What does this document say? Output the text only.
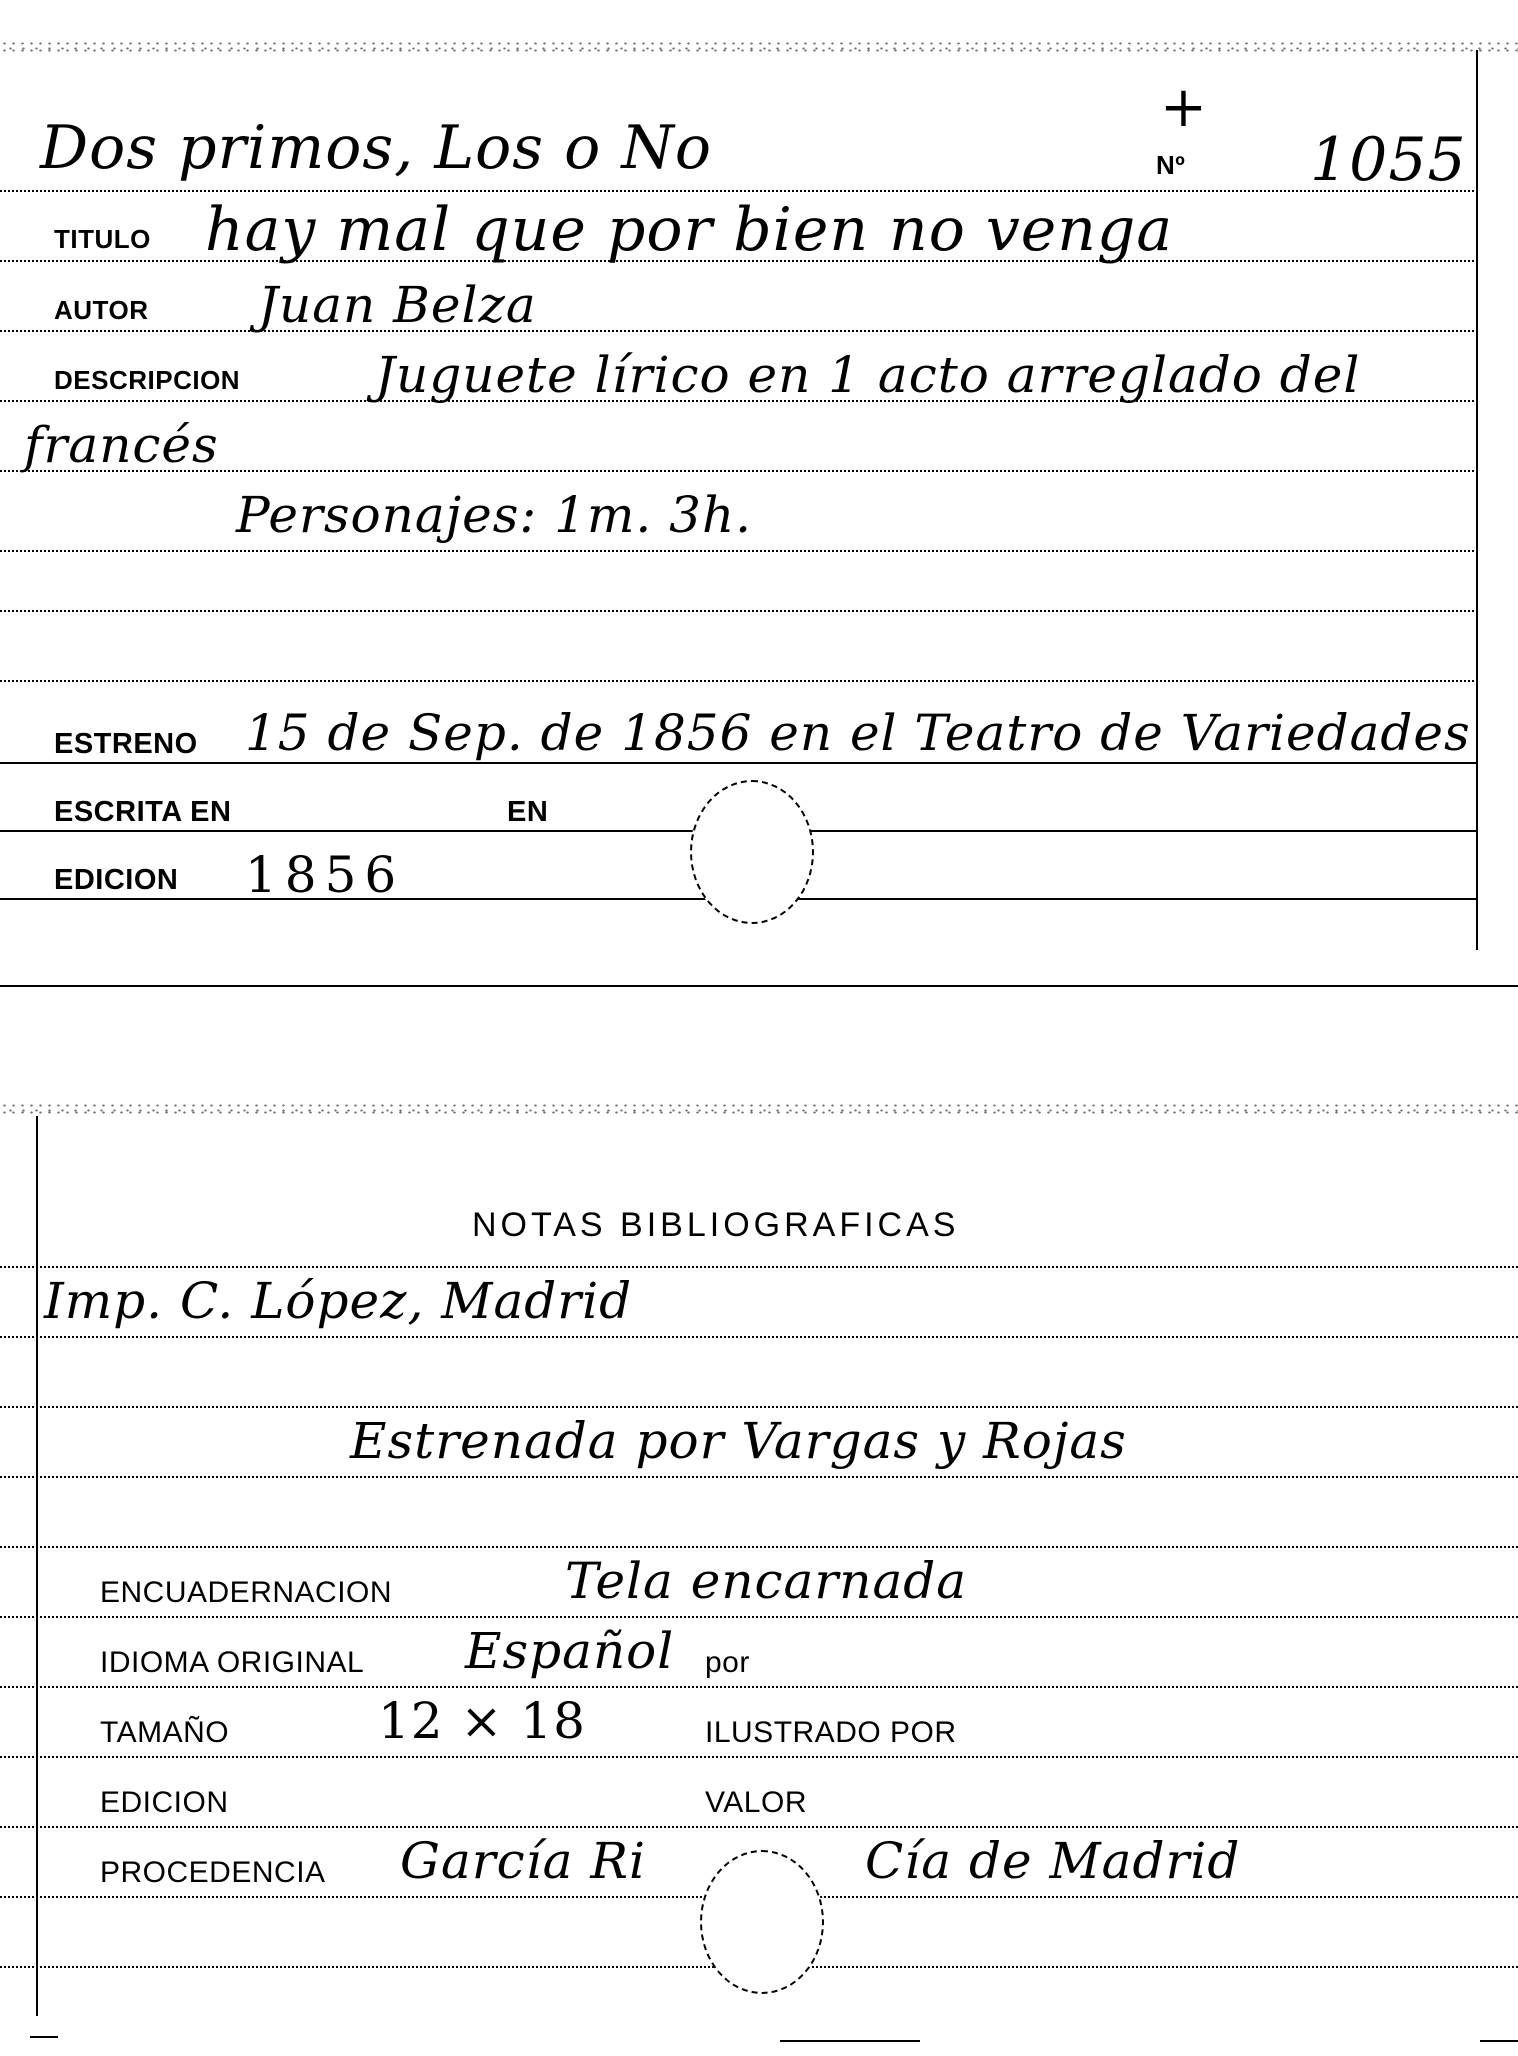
Dos primos, Los o No
+
Nº 1055
TITULO hay mal que por bien no venga
AUTOR Juan Belza
DESCRIPCION	Juguete lírico en 1 acto arreglado del
francés
Personajes: 1m. 3h.
ESTRENO 15 de Sep. de 1856 en el Teatro de Variedades
ESCRITA EN	EN
EDICION 1856
NOTAS BIBLIOGRAFICAS
Imp. C. López, Madrid
Estrenada por Vargas y Rojas
ENCUADERNACION	Tela encarnada
IDIOMA ORIGINAL Español por
TAMAÑO	12 × 18	ILUSTRADO POR
EDICION	VALOR
PROCEDENCIA García Ri	Cía de Madrid
